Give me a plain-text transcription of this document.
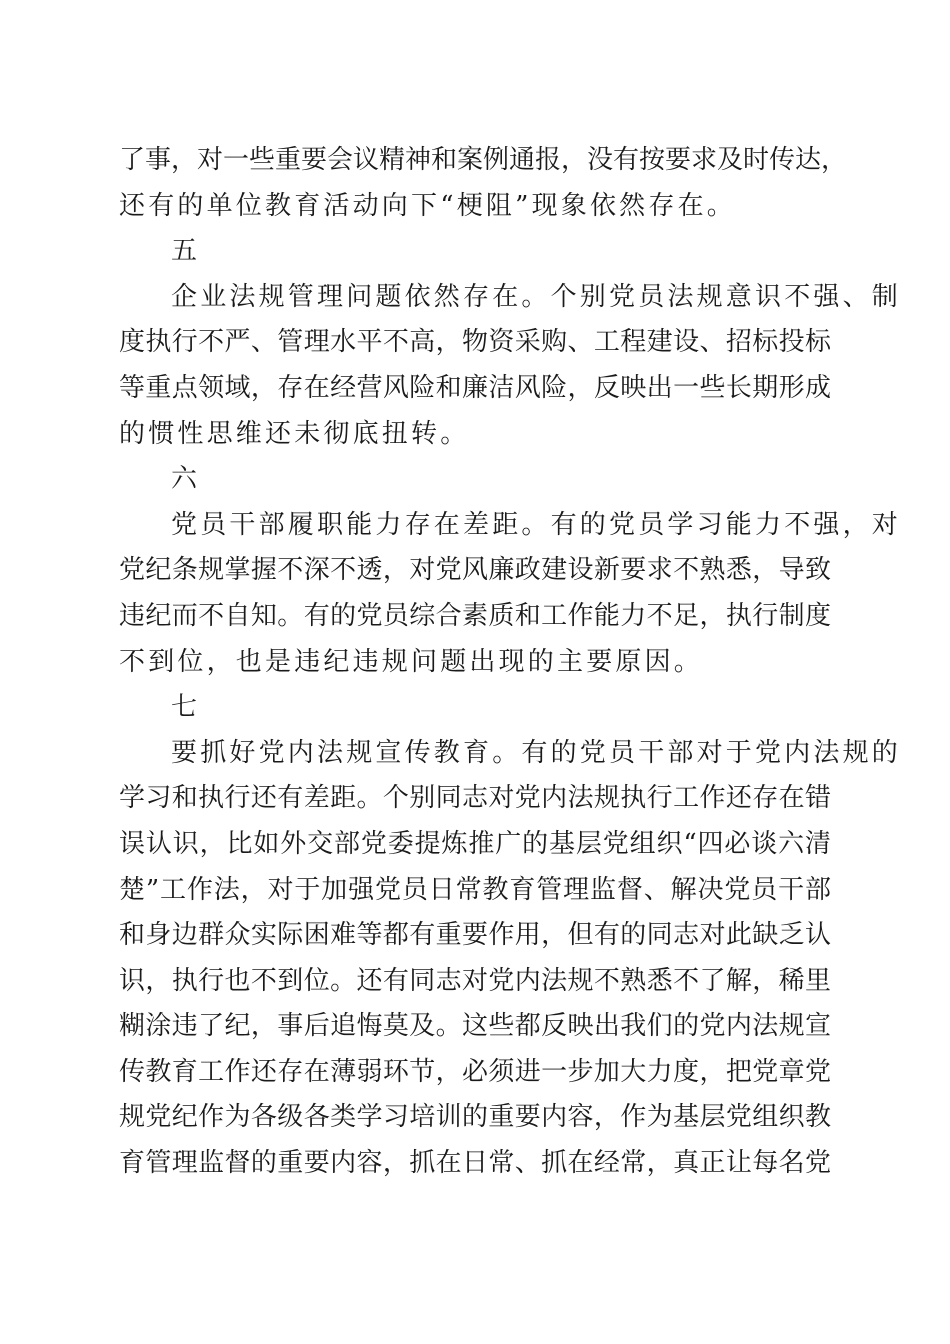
了事，对一些重要会议精神和案例通报，没有按要求及时传达，
还有的单位教育活动向下“梗阻”现象依然存在。
五
企业法规管理问题依然存在。个别党员法规意识不强、制
度执行不严、管理水平不高，物资采购、工程建设、招标投标
等重点领域，存在经营风险和廉洁风险，反映出一些长期形成
的惯性思维还未彻底扭转。
六
党员干部履职能力存在差距。有的党员学习能力不强，对
党纪条规掌握不深不透，对党风廉政建设新要求不熟悉，导致
违纪而不自知。有的党员综合素质和工作能力不足，执行制度
不到位，也是违纪违规问题出现的主要原因。
七
要抓好党内法规宣传教育。有的党员干部对于党内法规的
学习和执行还有差距。个别同志对党内法规执行工作还存在错
误认识，比如外交部党委提炼推广的基层党组织“四必谈六清
楚”工作法，对于加强党员日常教育管理监督、解决党员干部
和身边群众实际困难等都有重要作用，但有的同志对此缺乏认
识，执行也不到位。还有同志对党内法规不熟悉不了解，稀里
糊涂违了纪，事后追悔莫及。这些都反映出我们的党内法规宣
传教育工作还存在薄弱环节，必须进一步加大力度，把党章党
规党纪作为各级各类学习培训的重要内容，作为基层党组织教
育管理监督的重要内容，抓在日常、抓在经常，真正让每名党
